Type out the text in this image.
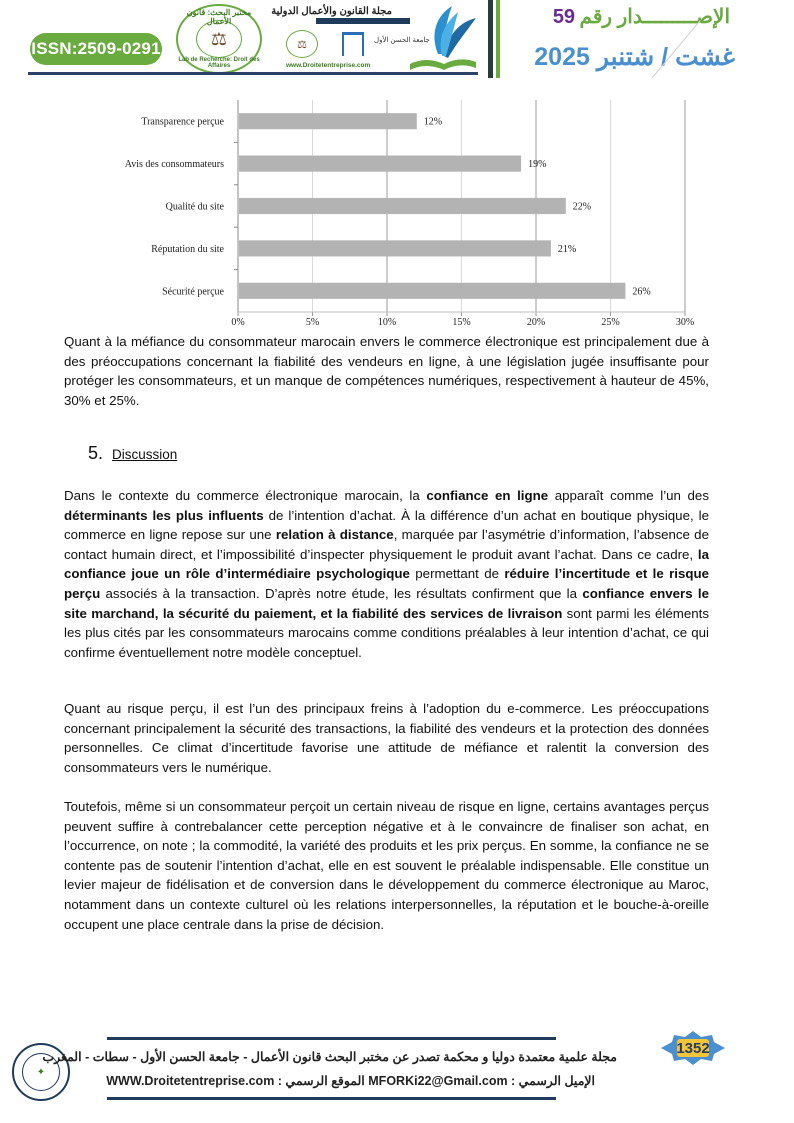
ISSN:2509-0291
مختبر البحث: قانون الأعمال
⚖
Lab de Recherche: Droit des Affaires
مجلة القانون والأعمال الدولية
⚖	جامعة الحسن الأول
www.Droitetentreprise.com
الإصـــــــــدار رقم 59
غشت / شتنبر 2025
0%	5%	10%	15%	20%	25%	30%
Transparence perçue	12%
Avis des consommateurs	19%
Qualité du site	22%
Réputation du site	21%
Sécurité perçue	26%

Quant à la méfiance du consommateur marocain envers le commerce électronique est principalement due à des préoccupations concernant la fiabilité des vendeurs en ligne, à une législation jugée insuffisante pour protéger les consommateurs, et un manque de compétences numériques, respectivement à hauteur de 45%, 30% et 25%.

5. Discussion

Dans le contexte du commerce électronique marocain, la confiance en ligne apparaît comme l’un des déterminants les plus influents de l’intention d’achat. À la différence d’un achat en boutique physique, le commerce en ligne repose sur une relation à distance, marquée par l’asymétrie d’information, l’absence de contact humain direct, et l’impossibilité d’inspecter physiquement le produit avant l’achat. Dans ce cadre, la confiance joue un rôle d’intermédiaire psychologique permettant de réduire l’incertitude et le risque perçu associés à la transaction. D’après notre étude, les résultats confirment que la confiance envers le site marchand, la sécurité du paiement, et la fiabilité des services de livraison sont parmi les éléments les plus cités par les consommateurs marocains comme conditions préalables à leur intention d’achat, ce qui confirme éventuellement notre modèle conceptuel.

Quant au risque perçu, il est l’un des principaux freins à l’adoption du e-commerce. Les préoccupations concernant principalement la sécurité des transactions, la fiabilité des vendeurs et la protection des données personnelles. Ce climat d’incertitude favorise une attitude de méfiance et ralentit la conversion des consommateurs vers le numérique.

Toutefois, même si un consommateur perçoit un certain niveau de risque en ligne, certains avantages perçus peuvent suffire à contrebalancer cette perception négative et à le convaincre de finaliser son achat, en l’occurrence, on note ; la commodité, la variété des produits et les prix perçus. En somme, la confiance ne se contente pas de soutenir l’intention d’achat, elle en est souvent le préalable indispensable. Elle constitue un levier majeur de fidélisation et de conversion dans le développement du commerce électronique au Maroc, notamment dans un contexte culturel où les relations interpersonnelles, la réputation et le bouche-à-oreille occupent une place centrale dans la prise de décision.

✦
مجلة علمية معتمدة دوليا و محكمة تصدر عن مختبر البحث قانون الأعمال - جامعة الحسن الأول - سطات - المغرب
الإميل الرسمي : MFORKi22@Gmail.com الموقع الرسمي : WWW.Droitetentreprise.com
1352
